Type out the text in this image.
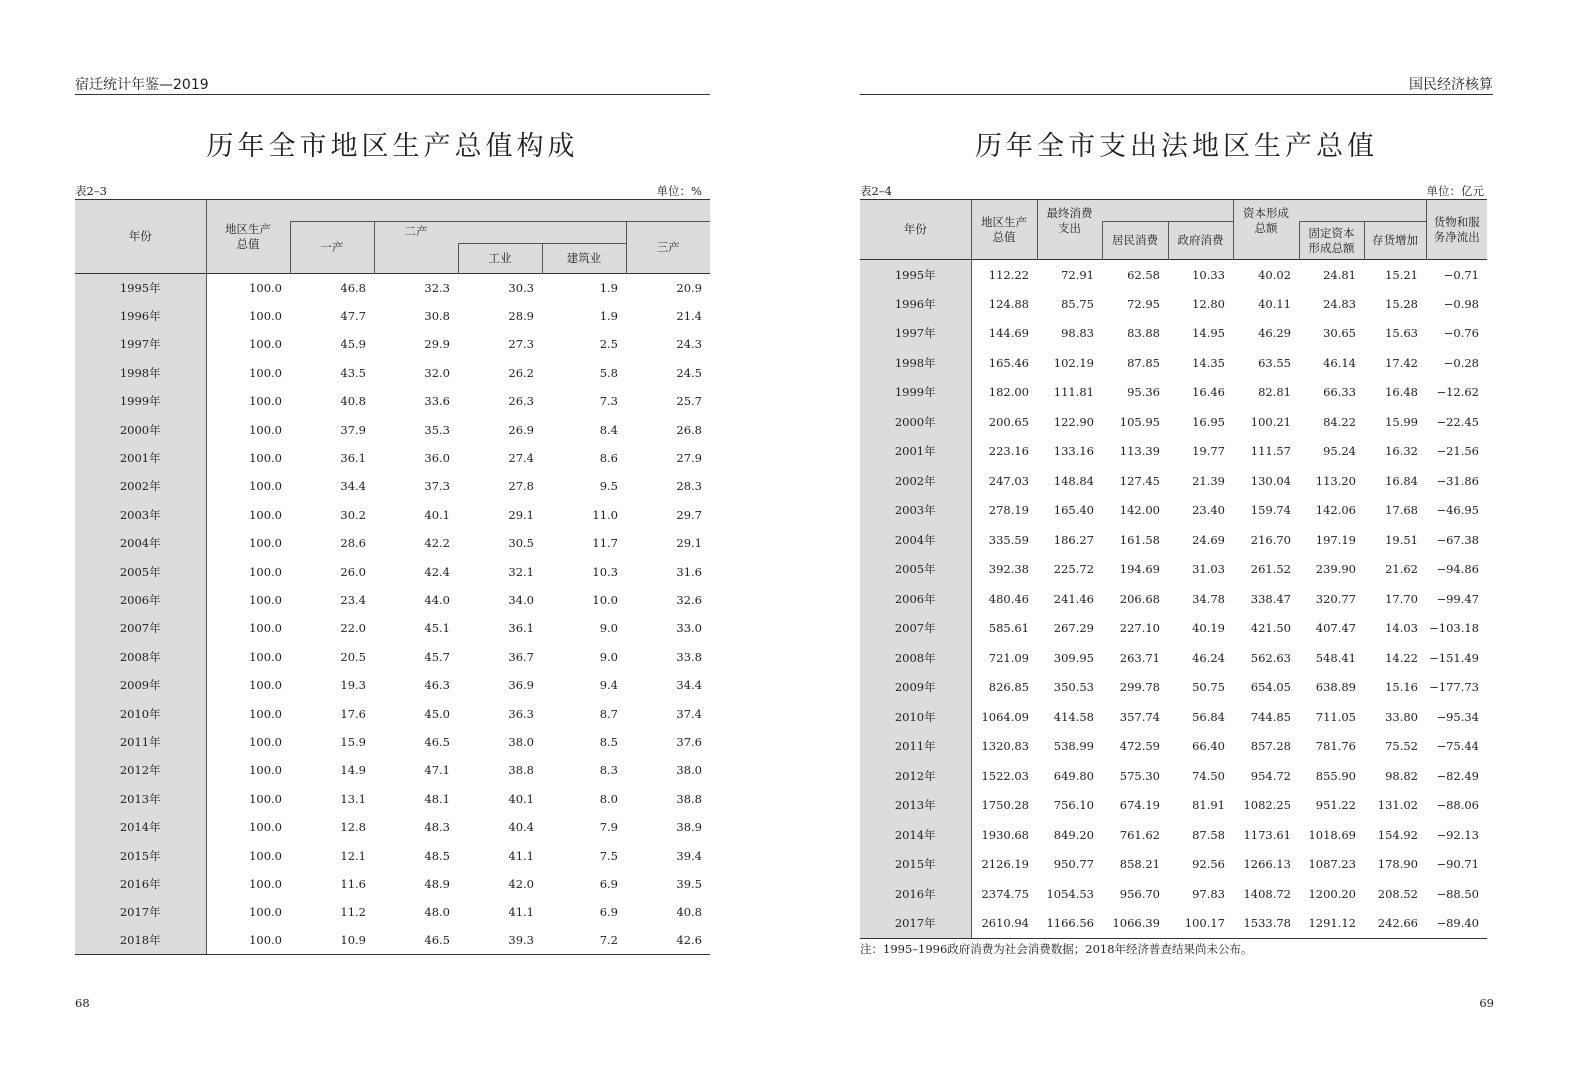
宿迁统计年鉴—2019
历年全市地区生产总值构成
表2–3	单位：%
年份	地区生产总值					

		一产	二产			三产
				工业	建筑业	
1995年	100.0	46.8	32.3	30.3	1.9	20.9
1996年	100.0	47.7	30.8	28.9	1.9	21.4
1997年	100.0	45.9	29.9	27.3	2.5	24.3
1998年	100.0	43.5	32.0	26.2	5.8	24.5
1999年	100.0	40.8	33.6	26.3	7.3	25.7
2000年	100.0	37.9	35.3	26.9	8.4	26.8
2001年	100.0	36.1	36.0	27.4	8.6	27.9
2002年	100.0	34.4	37.3	27.8	9.5	28.3
2003年	100.0	30.2	40.1	29.1	11.0	29.7
2004年	100.0	28.6	42.2	30.5	11.7	29.1
2005年	100.0	26.0	42.4	32.1	10.3	31.6
2006年	100.0	23.4	44.0	34.0	10.0	32.6
2007年	100.0	22.0	45.1	36.1	9.0	33.0
2008年	100.0	20.5	45.7	36.7	9.0	33.8
2009年	100.0	19.3	46.3	36.9	9.4	34.4
2010年	100.0	17.6	45.0	36.3	8.7	37.4
2011年	100.0	15.9	46.5	38.0	8.5	37.6
2012年	100.0	14.9	47.1	38.8	8.3	38.0
2013年	100.0	13.1	48.1	40.1	8.0	38.8
2014年	100.0	12.8	48.3	40.4	7.9	38.9
2015年	100.0	12.1	48.5	41.1	7.5	39.4
2016年	100.0	11.6	48.9	42.0	6.9	39.5
2017年	100.0	11.2	48.0	41.1	6.9	40.8
2018年	100.0	10.9	46.5	39.3	7.2	42.6
68
国民经济核算
历年全市支出法地区生产总值
表2–4	单位：亿元
年份	地区生产总值	最终消费支出			资本形成总额			货物和服务净流出

			居民消费	政府消费		固定资本形成总额	存货增加	
1995年	112.22	72.91	62.58	10.33	40.02	24.81	15.21	−0.71
1996年	124.88	85.75	72.95	12.80	40.11	24.83	15.28	−0.98
1997年	144.69	98.83	83.88	14.95	46.29	30.65	15.63	−0.76
1998年	165.46	102.19	87.85	14.35	63.55	46.14	17.42	−0.28
1999年	182.00	111.81	95.36	16.46	82.81	66.33	16.48	−12.62
2000年	200.65	122.90	105.95	16.95	100.21	84.22	15.99	−22.45
2001年	223.16	133.16	113.39	19.77	111.57	95.24	16.32	−21.56
2002年	247.03	148.84	127.45	21.39	130.04	113.20	16.84	−31.86
2003年	278.19	165.40	142.00	23.40	159.74	142.06	17.68	−46.95
2004年	335.59	186.27	161.58	24.69	216.70	197.19	19.51	−67.38
2005年	392.38	225.72	194.69	31.03	261.52	239.90	21.62	−94.86
2006年	480.46	241.46	206.68	34.78	338.47	320.77	17.70	−99.47
2007年	585.61	267.29	227.10	40.19	421.50	407.47	14.03	−103.18
2008年	721.09	309.95	263.71	46.24	562.63	548.41	14.22	−151.49
2009年	826.85	350.53	299.78	50.75	654.05	638.89	15.16	−177.73
2010年	1064.09	414.58	357.74	56.84	744.85	711.05	33.80	−95.34
2011年	1320.83	538.99	472.59	66.40	857.28	781.76	75.52	−75.44
2012年	1522.03	649.80	575.30	74.50	954.72	855.90	98.82	−82.49
2013年	1750.28	756.10	674.19	81.91	1082.25	951.22	131.02	−88.06
2014年	1930.68	849.20	761.62	87.58	1173.61	1018.69	154.92	−92.13
2015年	2126.19	950.77	858.21	92.56	1266.13	1087.23	178.90	−90.71
2016年	2374.75	1054.53	956.70	97.83	1408.72	1200.20	208.52	−88.50
2017年	2610.94	1166.56	1066.39	100.17	1533.78	1291.12	242.66	−89.40
注：1995–1996政府消费为社会消费数据；2018年经济普查结果尚未公布。
69
